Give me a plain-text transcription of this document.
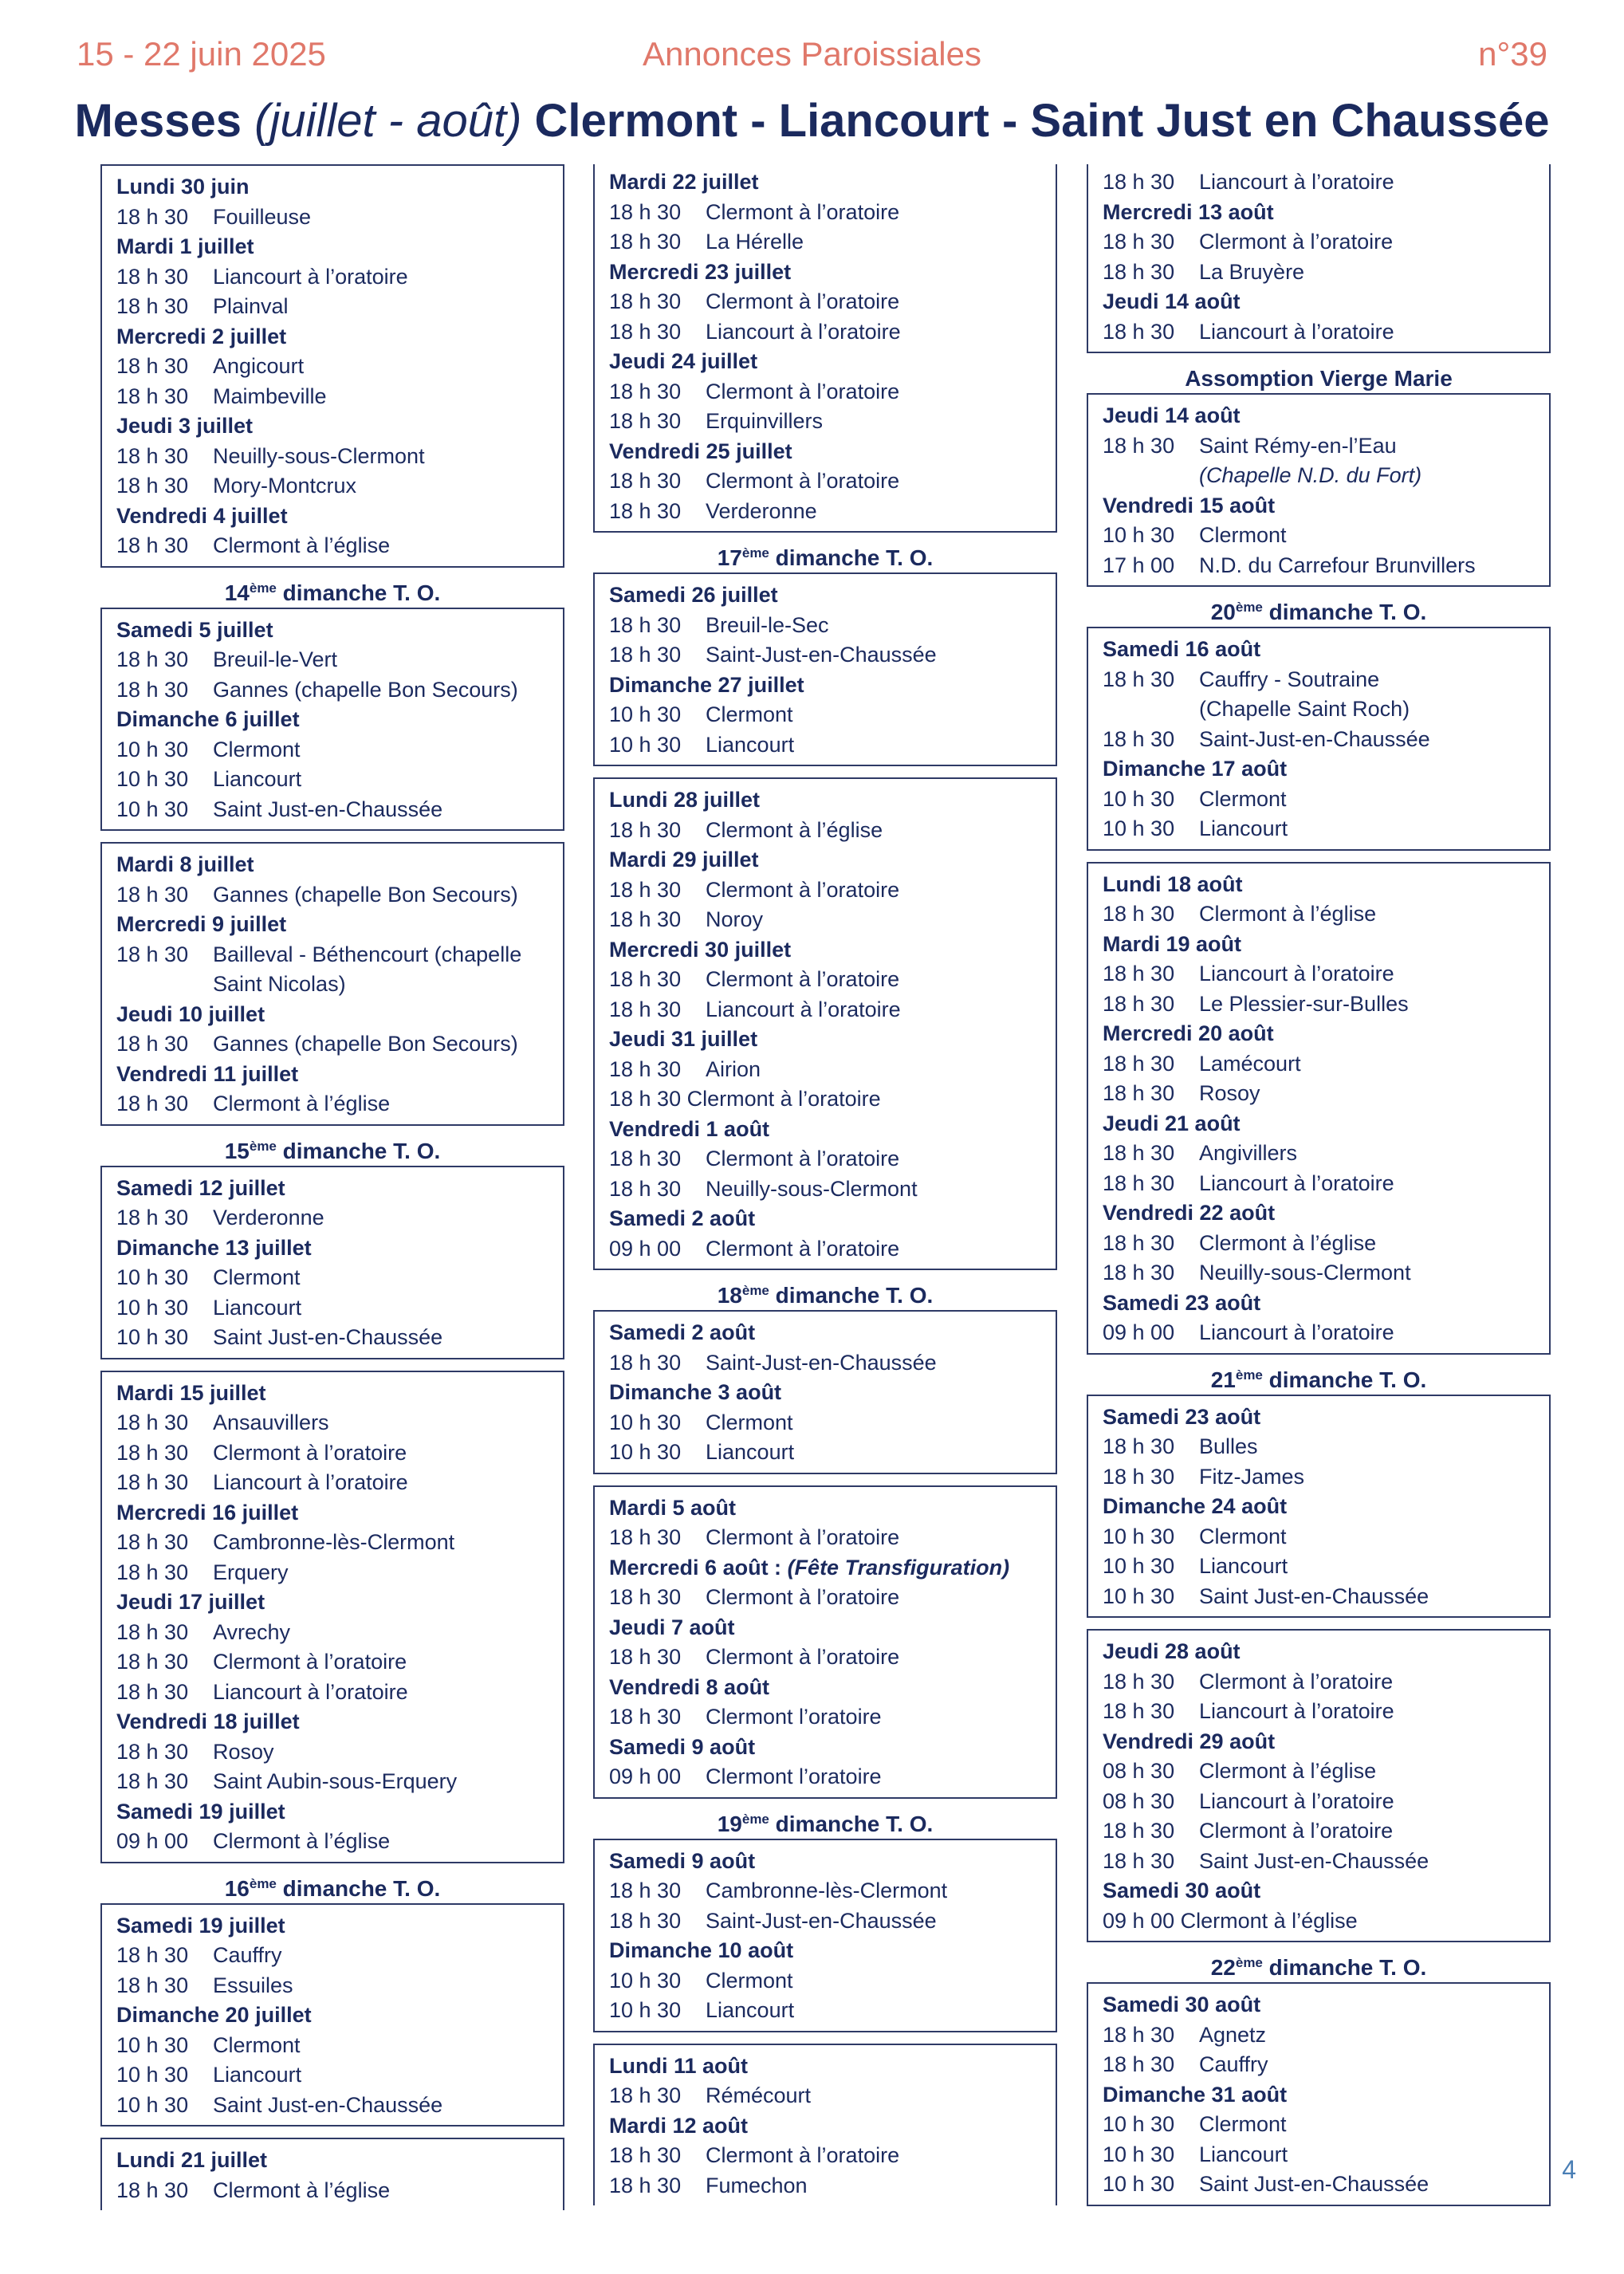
15 - 22 juin 2025	Annonces Paroissiales	n°39
Messes (juillet - août) Clermont - Liancourt - Saint Just en Chaussée
Lundi 30 juin
18 h 30 Fouilleuse
Mardi 1 juillet
18 h 30 Liancourt à l’oratoire
18 h 30 Plainval
Mercredi 2 juillet
18 h 30 Angicourt
18 h 30 Maimbeville
Jeudi 3 juillet
18 h 30 Neuilly-sous-Clermont
18 h 30 Mory-Montcrux
Vendredi 4 juillet
18 h 30 Clermont à l’église
14ème dimanche T. O.
Samedi 5 juillet
18 h 30 Breuil-le-Vert
18 h 30 Gannes (chapelle Bon Secours)
Dimanche 6 juillet
10 h 30 Clermont
10 h 30 Liancourt
10 h 30 Saint Just-en-Chaussée
Mardi 8 juillet
18 h 30 Gannes (chapelle Bon Secours)
Mercredi 9 juillet
18 h 30 Bailleval - Béthencourt (chapelle
Saint Nicolas)
Jeudi 10 juillet
18 h 30 Gannes (chapelle Bon Secours)
Vendredi 11 juillet
18 h 30 Clermont à l’église
15ème dimanche T. O.
Samedi 12 juillet
18 h 30 Verderonne
Dimanche 13 juillet
10 h 30 Clermont
10 h 30 Liancourt
10 h 30 Saint Just-en-Chaussée
Mardi 15 juillet
18 h 30 Ansauvillers
18 h 30 Clermont à l’oratoire
18 h 30 Liancourt à l’oratoire
Mercredi 16 juillet
18 h 30 Cambronne-lès-Clermont
18 h 30 Erquery
Jeudi 17 juillet
18 h 30 Avrechy
18 h 30 Clermont à l’oratoire
18 h 30 Liancourt à l’oratoire
Vendredi 18 juillet
18 h 30 Rosoy
18 h 30 Saint Aubin-sous-Erquery
Samedi 19 juillet
09 h 00 Clermont à l’église
16ème dimanche T. O.
Samedi 19 juillet
18 h 30 Cauffry
18 h 30 Essuiles
Dimanche 20 juillet
10 h 30 Clermont
10 h 30 Liancourt
10 h 30 Saint Just-en-Chaussée
Lundi 21 juillet
18 h 30 Clermont à l’église
Mardi 22 juillet
18 h 30 Clermont à l’oratoire
18 h 30 La Hérelle
Mercredi 23 juillet
18 h 30 Clermont à l’oratoire
18 h 30 Liancourt à l’oratoire
Jeudi 24 juillet
18 h 30 Clermont à l’oratoire
18 h 30 Erquinvillers
Vendredi 25 juillet
18 h 30 Clermont à l’oratoire
18 h 30 Verderonne
17ème dimanche T. O.
Samedi 26 juillet
18 h 30 Breuil-le-Sec
18 h 30 Saint-Just-en-Chaussée
Dimanche 27 juillet
10 h 30 Clermont
10 h 30 Liancourt
Lundi 28 juillet
18 h 30 Clermont à l’église
Mardi 29 juillet
18 h 30 Clermont à l’oratoire
18 h 30 Noroy
Mercredi 30 juillet
18 h 30 Clermont à l’oratoire
18 h 30 Liancourt à l’oratoire
Jeudi 31 juillet
18 h 30 Airion
18 h 30 Clermont à l’oratoire
Vendredi 1 août
18 h 30 Clermont à l’oratoire
18 h 30 Neuilly-sous-Clermont
Samedi 2 août
09 h 00 Clermont à l’oratoire
18ème dimanche T. O.
Samedi 2 août
18 h 30 Saint-Just-en-Chaussée
Dimanche 3 août
10 h 30 Clermont
10 h 30 Liancourt
Mardi 5 août
18 h 30 Clermont à l’oratoire
Mercredi 6 août : (Fête Transfiguration)
18 h 30 Clermont à l’oratoire
Jeudi 7 août
18 h 30 Clermont à l’oratoire
Vendredi 8 août
18 h 30 Clermont l’oratoire
Samedi 9 août
09 h 00 Clermont l’oratoire
19ème dimanche T. O.
Samedi 9 août
18 h 30 Cambronne-lès-Clermont
18 h 30 Saint-Just-en-Chaussée
Dimanche 10 août
10 h 30 Clermont
10 h 30 Liancourt
Lundi 11 août
18 h 30 Rémécourt
Mardi 12 août
18 h 30 Clermont à l’oratoire
18 h 30 Fumechon
18 h 30 Liancourt à l’oratoire
Mercredi 13 août
18 h 30 Clermont à l’oratoire
18 h 30 La Bruyère
Jeudi 14 août
18 h 30 Liancourt à l’oratoire
Assomption Vierge Marie
Jeudi 14 août
18 h 30 Saint Rémy-en-l’Eau
(Chapelle N.D. du Fort)
Vendredi 15 août
10 h 30 Clermont
17 h 00 N.D. du Carrefour Brunvillers
20ème dimanche T. O.
Samedi 16 août
18 h 30 Cauffry - Soutraine
(Chapelle Saint Roch)
18 h 30 Saint-Just-en-Chaussée
Dimanche 17 août
10 h 30 Clermont
10 h 30 Liancourt
Lundi 18 août
18 h 30 Clermont à l’église
Mardi 19 août
18 h 30 Liancourt à l’oratoire
18 h 30 Le Plessier-sur-Bulles
Mercredi 20 août
18 h 30 Lamécourt
18 h 30 Rosoy
Jeudi 21 août
18 h 30 Angivillers
18 h 30 Liancourt à l’oratoire
Vendredi 22 août
18 h 30 Clermont à l’église
18 h 30 Neuilly-sous-Clermont
Samedi 23 août
09 h 00 Liancourt à l’oratoire
21ème dimanche T. O.
Samedi 23 août
18 h 30 Bulles
18 h 30 Fitz-James
Dimanche 24 août
10 h 30 Clermont
10 h 30 Liancourt
10 h 30 Saint Just-en-Chaussée
Jeudi 28 août
18 h 30 Clermont à l’oratoire
18 h 30 Liancourt à l’oratoire
Vendredi 29 août
08 h 30 Clermont à l’église
08 h 30 Liancourt à l’oratoire
18 h 30 Clermont à l’oratoire
18 h 30 Saint Just-en-Chaussée
Samedi 30 août
09 h 00 Clermont à l’église
22ème dimanche T. O.
Samedi 30 août
18 h 30 Agnetz
18 h 30 Cauffry
Dimanche 31 août
10 h 30 Clermont
10 h 30 Liancourt
10 h 30 Saint Just-en-Chaussée	4
